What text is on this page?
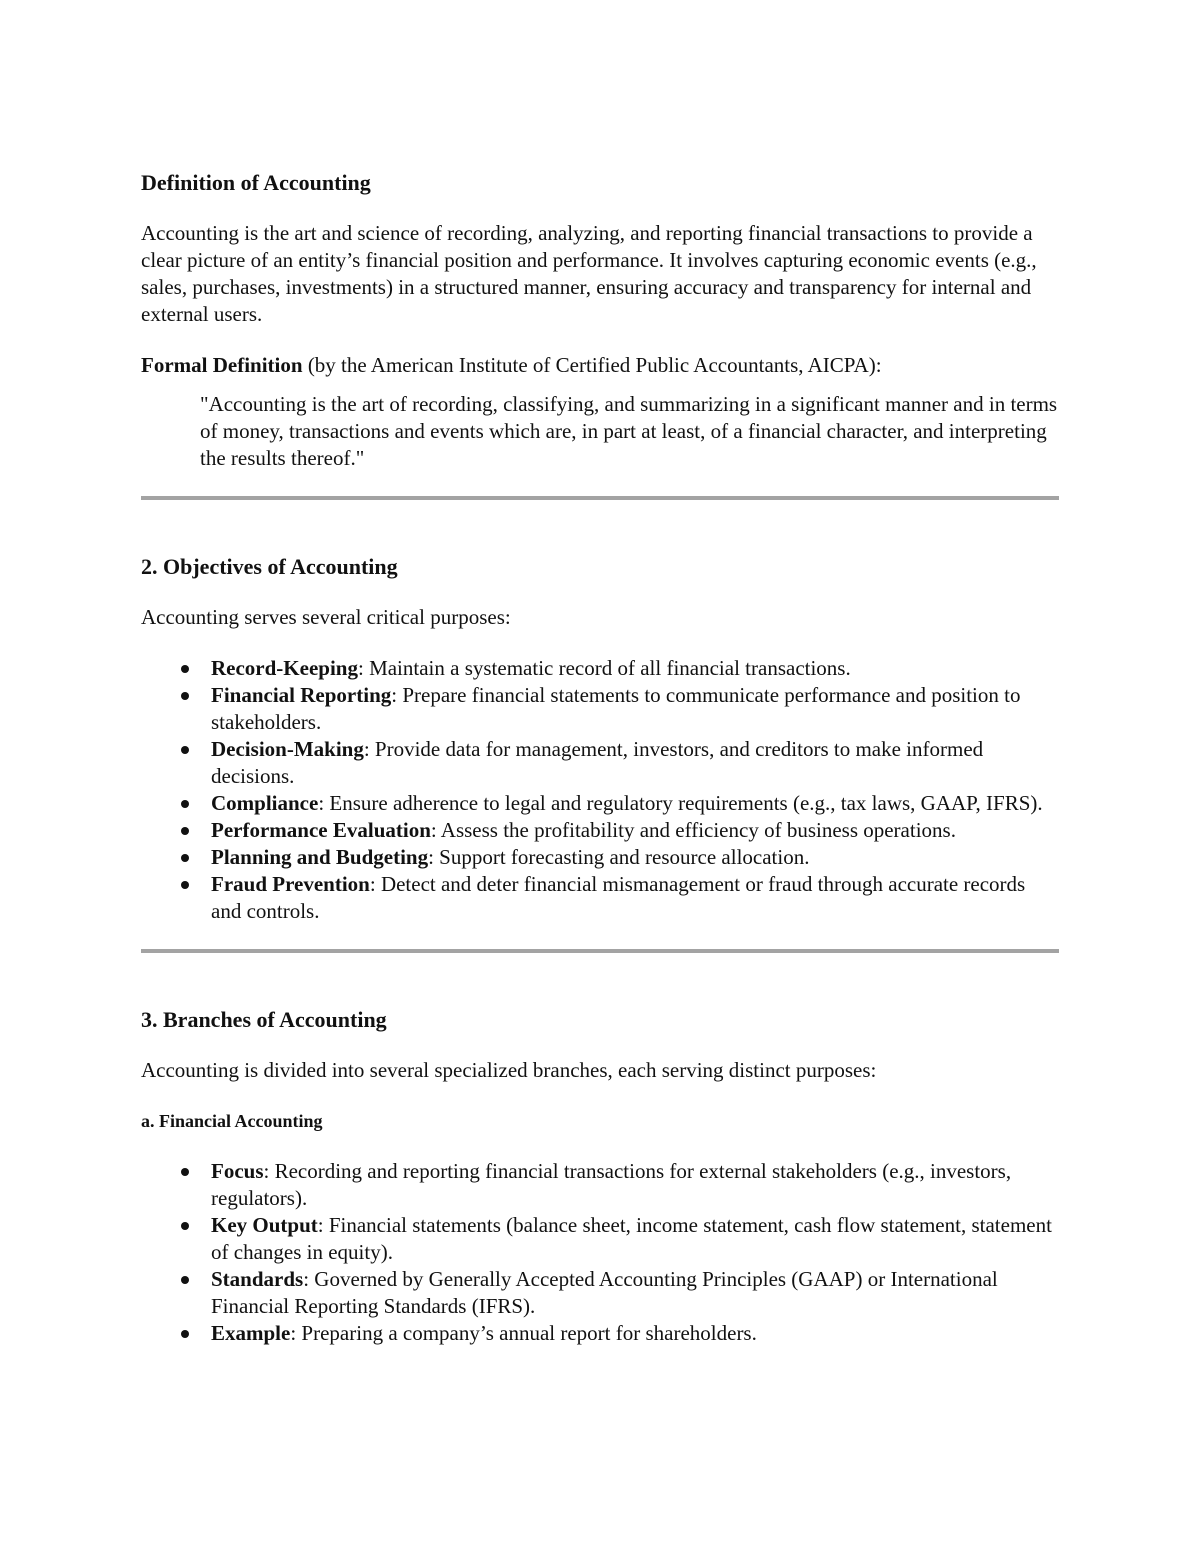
Definition of Accounting

Accounting is the art and science of recording, analyzing, and reporting financial transactions to provide a clear picture of an entity’s financial position and performance. It involves capturing economic events (e.g., sales, purchases, investments) in a structured manner, ensuring accuracy and transparency for internal and external users.

Formal Definition (by the American Institute of Certified Public Accountants, AICPA):

"Accounting is the art of recording, classifying, and summarizing in a significant manner and in terms of money, transactions and events which are, in part at least, of a financial character, and interpreting the results thereof."
2. Objectives of Accounting

Accounting serves several critical purposes:

Record-Keeping: Maintain a systematic record of all financial transactions.
Financial Reporting: Prepare financial statements to communicate performance and position to stakeholders.
Decision-Making: Provide data for management, investors, and creditors to make informed decisions.
Compliance: Ensure adherence to legal and regulatory requirements (e.g., tax laws, GAAP, IFRS).
Performance Evaluation: Assess the profitability and efficiency of business operations.
Planning and Budgeting: Support forecasting and resource allocation.
Fraud Prevention: Detect and deter financial mismanagement or fraud through accurate records and controls.
3. Branches of Accounting

Accounting is divided into several specialized branches, each serving distinct purposes:

a. Financial Accounting
Focus: Recording and reporting financial transactions for external stakeholders (e.g., investors, regulators).
Key Output: Financial statements (balance sheet, income statement, cash flow statement, statement of changes in equity).
Standards: Governed by Generally Accepted Accounting Principles (GAAP) or International Financial Reporting Standards (IFRS).
Example: Preparing a company’s annual report for shareholders.
